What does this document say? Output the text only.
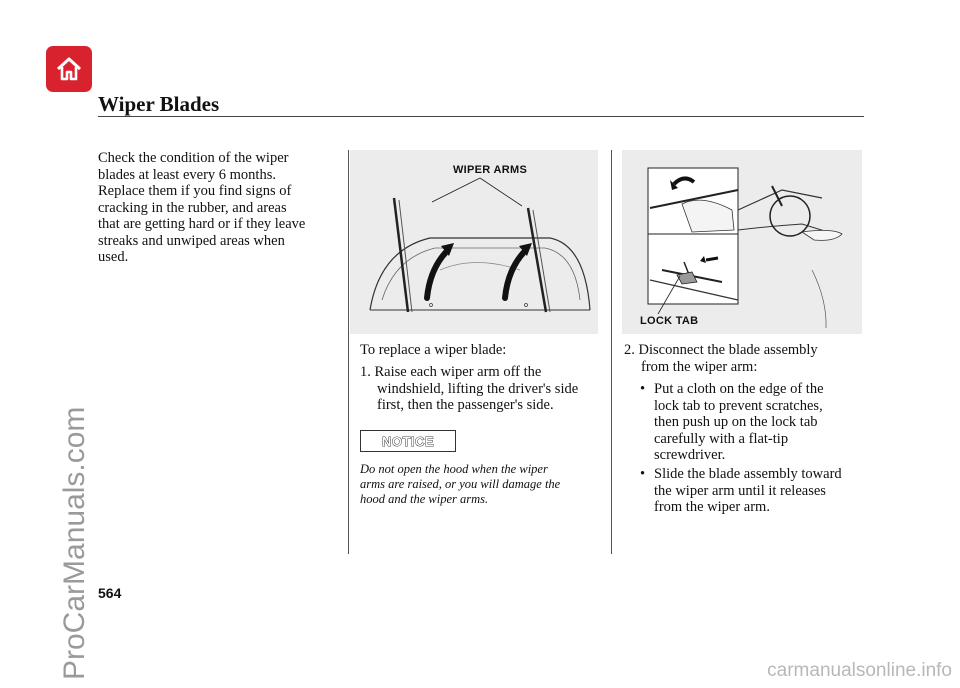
Wiper Blades
Check the condition of the wiper
blades at least every 6 months.
Replace them if you find signs of
cracking in the rubber, and areas
that are getting hard or if they leave
streaks and unwiped areas when
used.
WIPER ARMS
LOCK TAB
To replace a wiper blade:
1. Raise each wiper arm off the
windshield, lifting the driver's side
first, then the passenger's side.
NOTICE
Do not open the hood when the wiper
arms are raised, or you will damage the
hood and the wiper arms.
2. Disconnect the blade assembly
from the wiper arm:
• Put a cloth on the edge of the
lock tab to prevent scratches,
then push up on the lock tab
carefully with a flat-tip
screwdriver.
• Slide the blade assembly toward
the wiper arm until it releases
from the wiper arm.
564
ProCarManuals.com	carmanualsonline.info
